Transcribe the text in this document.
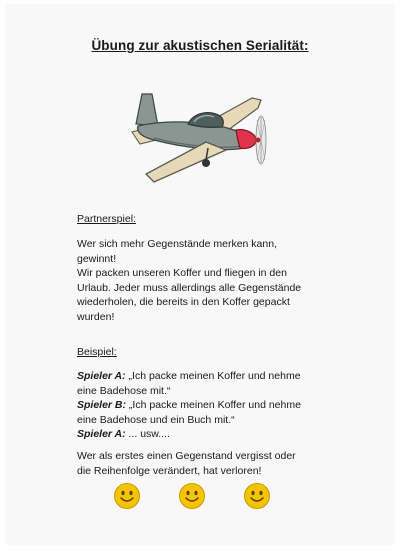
Übung zur akustischen Serialität:
Partnerspiel:

Wer sich mehr Gegenstände merken kann,

gewinnt!

Wir packen unseren Koffer und fliegen in den

Urlaub. Jeder muss allerdings alle Gegenstände

wiederholen, die bereits in den Koffer gepackt

wurden!

Beispiel:

Spieler A: „Ich packe meinen Koffer und nehme

eine Badehose mit.“

Spieler B: „Ich packe meinen Koffer und nehme

eine Badehose und ein Buch mit.“

Spieler A: ... usw....

Wer als erstes einen Gegenstand vergisst oder

die Reihenfolge verändert, hat verloren!
